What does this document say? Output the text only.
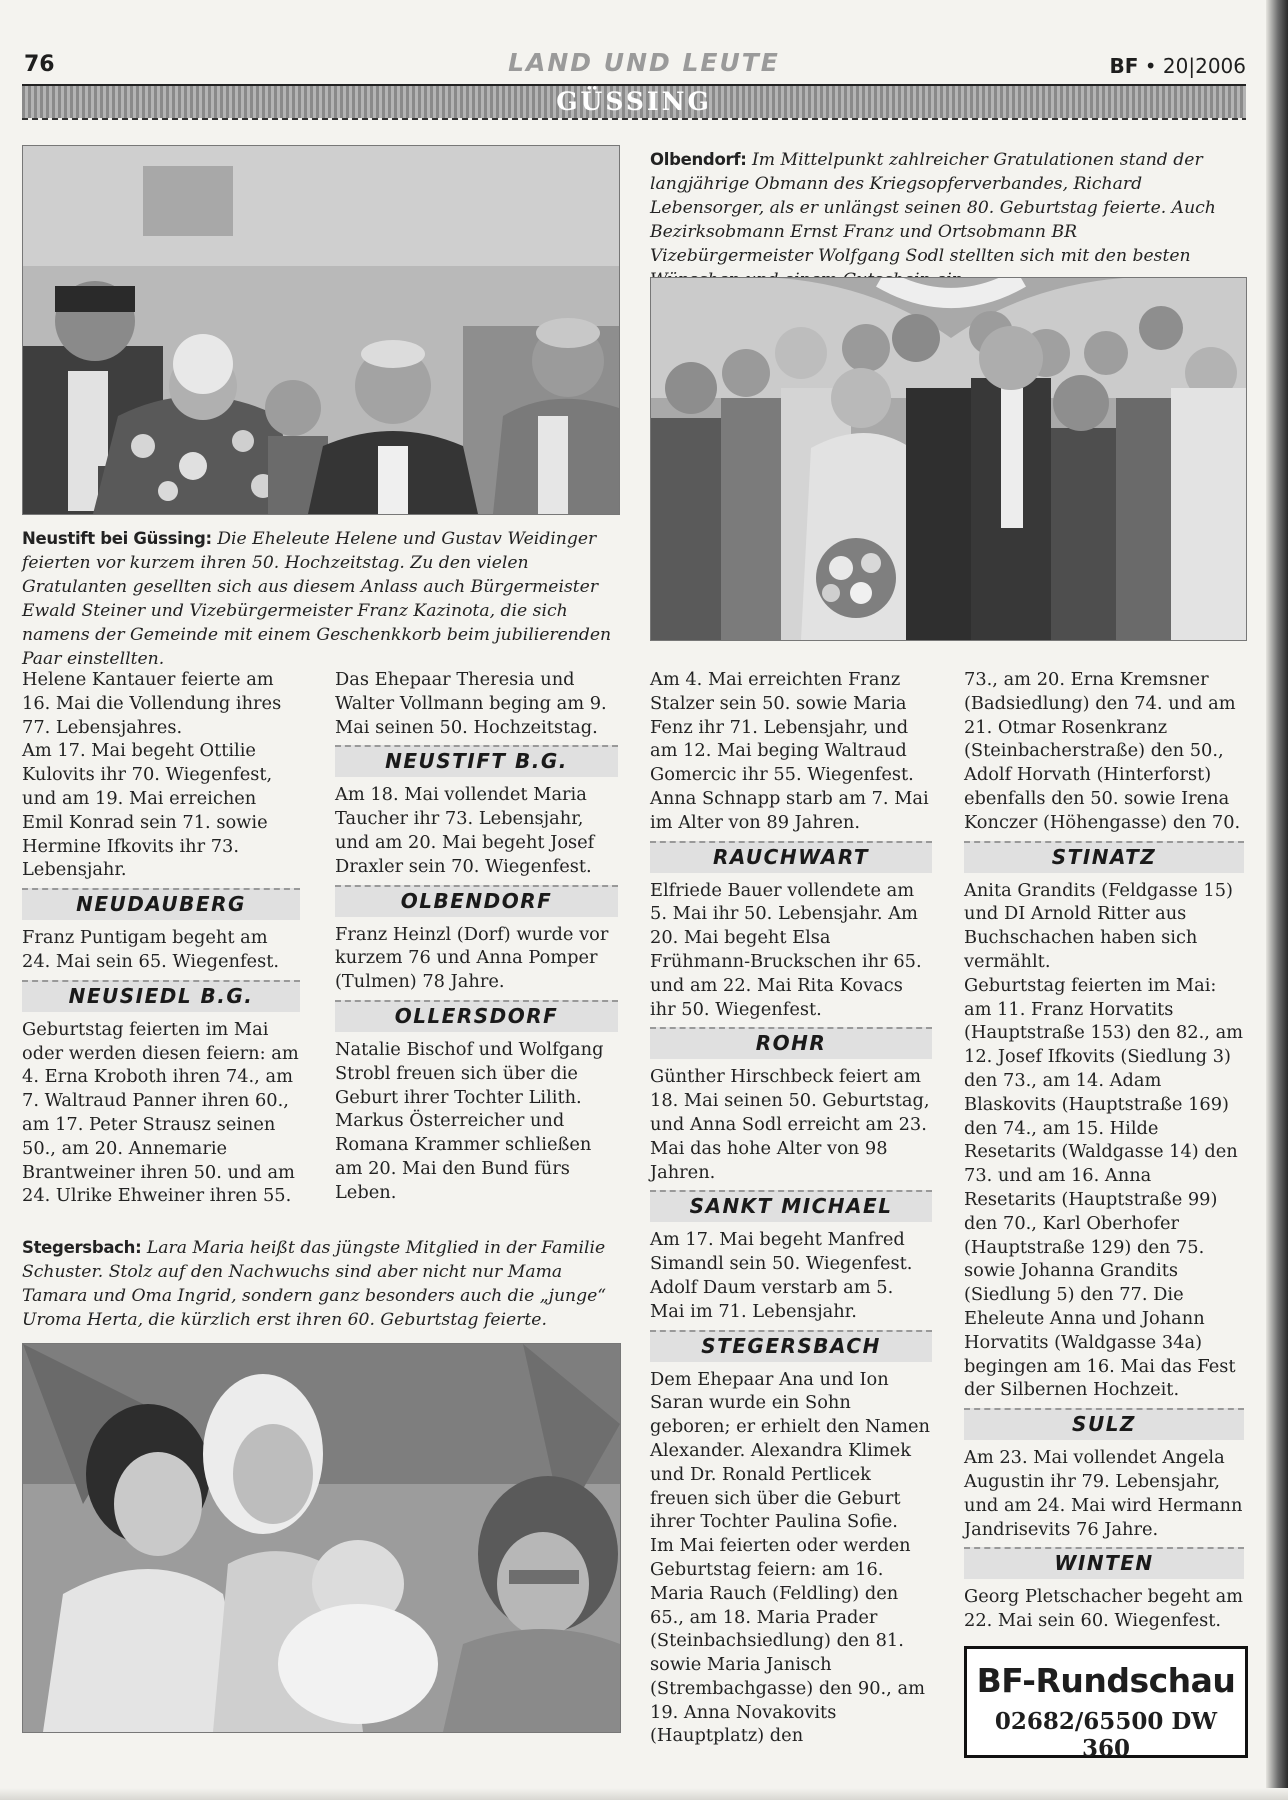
76	LAND UND LEUTE	BF • 20|2006
GÜSSING
Olbendorf: Im Mittelpunkt zahlreicher Gratulationen stand der langjährige Obmann des Kriegsopferverbandes, Richard Lebensorger, als er unlängst seinen 80. Geburtstag feierte. Auch Bezirksobmann Ernst Franz und Ortsobmann BR Vizebürgermeister Wolfgang Sodl stellten sich mit den besten
Neustift bei Güssing: Die Eheleute Helene und Gustav Weidinger feierten vor kurzem ihren 50. Hochzeitstag. Zu den vielen Gratulanten gesellten sich aus diesem Anlass auch Bürgermeister Ewald Steiner und Vizebürgermeister Franz Kazinota, die sich namens der Gemeinde mit einem Geschenkkorb beim jubilierenden Paar einstellten.

Helene Kantauer feierte am 16. Mai die Vollendung ihres 77. Lebensjahres.

Am 17. Mai begeht Ottilie Kulovits ihr 70. Wiegenfest, und am 19. Mai erreichen Emil Konrad sein 71. sowie Hermine Ifkovits ihr 73. Lebensjahr.

NEUDAUBERG

Franz Puntigam begeht am 24. Mai sein 65. Wiegenfest.

NEUSIEDL B.G.

Geburtstag feierten im Mai oder werden diesen feiern: am 4. Erna Kroboth ihren 74., am 7. Waltraud Panner ihren 60., am 17. Peter Strausz seinen 50., am 20. Annemarie Brantweiner ihren 50. und am 24. Ulrike Ehweiner ihren 55.

Das Ehepaar Theresia und Walter Vollmann beging am 9. Mai seinen 50. Hochzeitstag.

NEUSTIFT B.G.

Am 18. Mai vollendet Maria Taucher ihr 73. Lebensjahr, und am 20. Mai begeht Josef Draxler sein 70. Wiegenfest.

OLBENDORF

Franz Heinzl (Dorf) wurde vor kurzem 76 und Anna Pomper (Tulmen) 78 Jahre.

OLLERSDORF

Natalie Bischof und Wolfgang Strobl freuen sich über die Geburt ihrer Tochter Lilith. Markus Österreicher und Romana Krammer schließen am 20. Mai den Bund fürs Leben.

Am 4. Mai erreichten Franz Stalzer sein 50. sowie Maria Fenz ihr 71. Lebensjahr, und am 12. Mai beging Waltraud Gomercic ihr 55. Wiegenfest. Anna Schnapp starb am 7. Mai im Alter von 89 Jahren.

RAUCHWART

Elfriede Bauer vollendete am 5. Mai ihr 50. Lebensjahr. Am 20. Mai begeht Elsa Frühmann-Bruckschen ihr 65. und am 22. Mai Rita Kovacs ihr 50. Wiegenfest.

ROHR

Günther Hirschbeck feiert am 18. Mai seinen 50. Geburtstag, und Anna Sodl erreicht am 23. Mai das hohe Alter von 98 Jahren.

SANKT MICHAEL

Am 17. Mai begeht Manfred Simandl sein 50. Wiegenfest. Adolf Daum verstarb am 5. Mai im 71. Lebensjahr.

STEGERSBACH

Dem Ehepaar Ana und Ion Saran wurde ein Sohn geboren; er erhielt den Namen Alexander. Alexandra Klimek und Dr. Ronald Pertlicek freuen sich über die Geburt ihrer Tochter Paulina Sofie.

Im Mai feierten oder werden Geburtstag feiern: am 16. Maria Rauch (Feldling) den 65., am 18. Maria Prader (Steinbachsiedlung) den 81. sowie Maria Janisch (Strembachgasse) den 90., am 19. Anna Novakovits (Hauptplatz) den

73., am 20. Erna Kremsner (Badsiedlung) den 74. und am 21. Otmar Rosenkranz (Steinbacherstraße) den 50., Adolf Horvath (Hinterforst) ebenfalls den 50. sowie Irena Konczer (Höhengasse) den 70.

STINATZ

Anita Grandits (Feldgasse 15) und DI Arnold Ritter aus Buchschachen haben sich vermählt.

Geburtstag feierten im Mai: am 11. Franz Horvatits (Hauptstraße 153) den 82., am 12. Josef Ifkovits (Siedlung 3) den 73., am 14. Adam Blaskovits (Hauptstraße 169) den 74., am 15. Hilde Resetarits (Waldgasse 14) den 73. und am 16. Anna Resetarits (Hauptstraße 99) den 70., Karl Oberhofer (Hauptstraße 129) den 75. sowie Johanna Grandits (Siedlung 5) den 77. Die Eheleute Anna und Johann Horvatits (Waldgasse 34a) begingen am 16. Mai das Fest der Silbernen Hochzeit.

SULZ

Am 23. Mai vollendet Angela Augustin ihr 79. Lebensjahr, und am 24. Mai wird Hermann Jandrisevits 76 Jahre.

WINTEN

Georg Pletschacher begeht am 22. Mai sein 60. Wiegenfest.

Stegersbach: Lara Maria heißt das jüngste Mitglied in der Familie Schuster. Stolz auf den Nachwuchs sind aber nicht nur Mama Tamara und Oma Ingrid, sondern ganz besonders auch die „junge“ Uroma Herta, die kürzlich erst ihren 60. Geburtstag feierte.
BF-Rundschau
02682/65500 DW 360
